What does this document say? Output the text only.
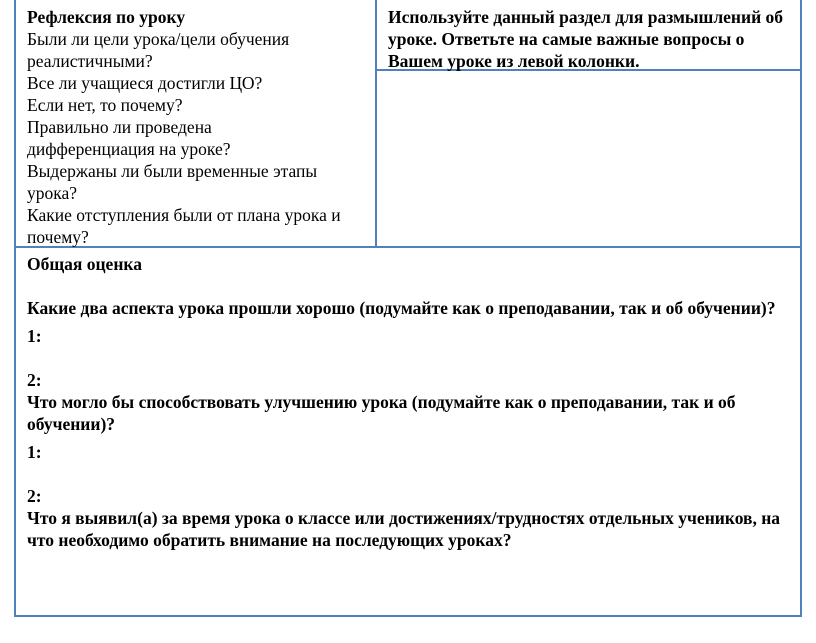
Рефлексия по уроку
Были ли цели урока/цели обучения
реалистичными?
Все ли учащиеся достигли ЦО?
Если нет, то почему?
Правильно ли проведена
дифференциация на уроке?
Выдержаны ли были временные этапы
урока?
Какие отступления были от плана урока и
почему?
Используйте данный раздел для размышлений об уроке. Ответьте на самые важные вопросы о Вашем уроке из левой колонки.
Общая оценка
Какие два аспекта урока прошли хорошо (подумайте как о преподавании, так и об обучении)?
1:
2:
Что могло бы способствовать улучшению урока (подумайте как о преподавании, так и об обучении)?
1:
2:
Что я выявил(а) за время урока о классе или достижениях/трудностях отдельных учеников, на что необходимо обратить внимание на последующих уроках?
